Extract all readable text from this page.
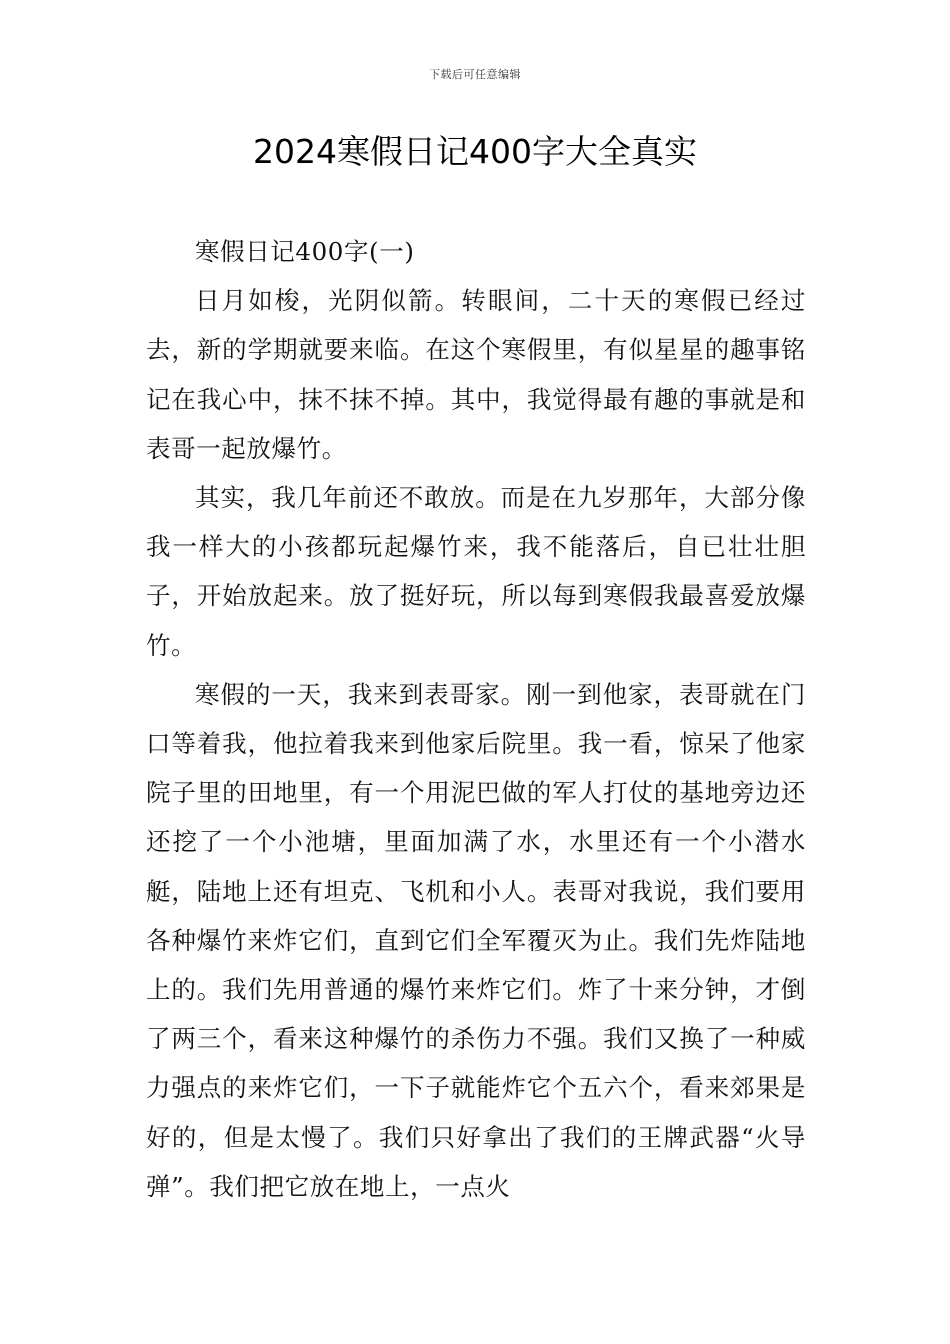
下载后可任意编辑
2024寒假日记400字大全真实

寒假日记400字(一)

日月如梭，光阴似箭。转眼间，二十天的寒假已经过去，新的学期就要来临。在这个寒假里，有似星星的趣事铭记在我心中，抹不抹不掉。其中，我觉得最有趣的事就是和表哥一起放爆竹。

其实，我几年前还不敢放。而是在九岁那年，大部分像我一样大的小孩都玩起爆竹来，我不能落后，自已壮壮胆子，开始放起来。放了挺好玩，所以每到寒假我最喜爱放爆竹。

寒假的一天，我来到表哥家。刚一到他家，表哥就在门口等着我，他拉着我来到他家后院里。我一看，惊呆了他家院子里的田地里，有一个用泥巴做的军人打仗的基地旁边还还挖了一个小池塘，里面加满了水，水里还有一个小潜水艇，陆地上还有坦克、飞机和小人。表哥对我说，我们要用各种爆竹来炸它们，直到它们全军覆灭为止。我们先炸陆地上的。我们先用普通的爆竹来炸它们。炸了十来分钟，才倒了两三个，看来这种爆竹的杀伤力不强。我们又换了一种威力强点的来炸它们，一下子就能炸它个五六个，看来郊果是好的，但是太慢了。我们只好拿出了我们的王牌武器“火导弹”。我们把它放在地上，一点火
